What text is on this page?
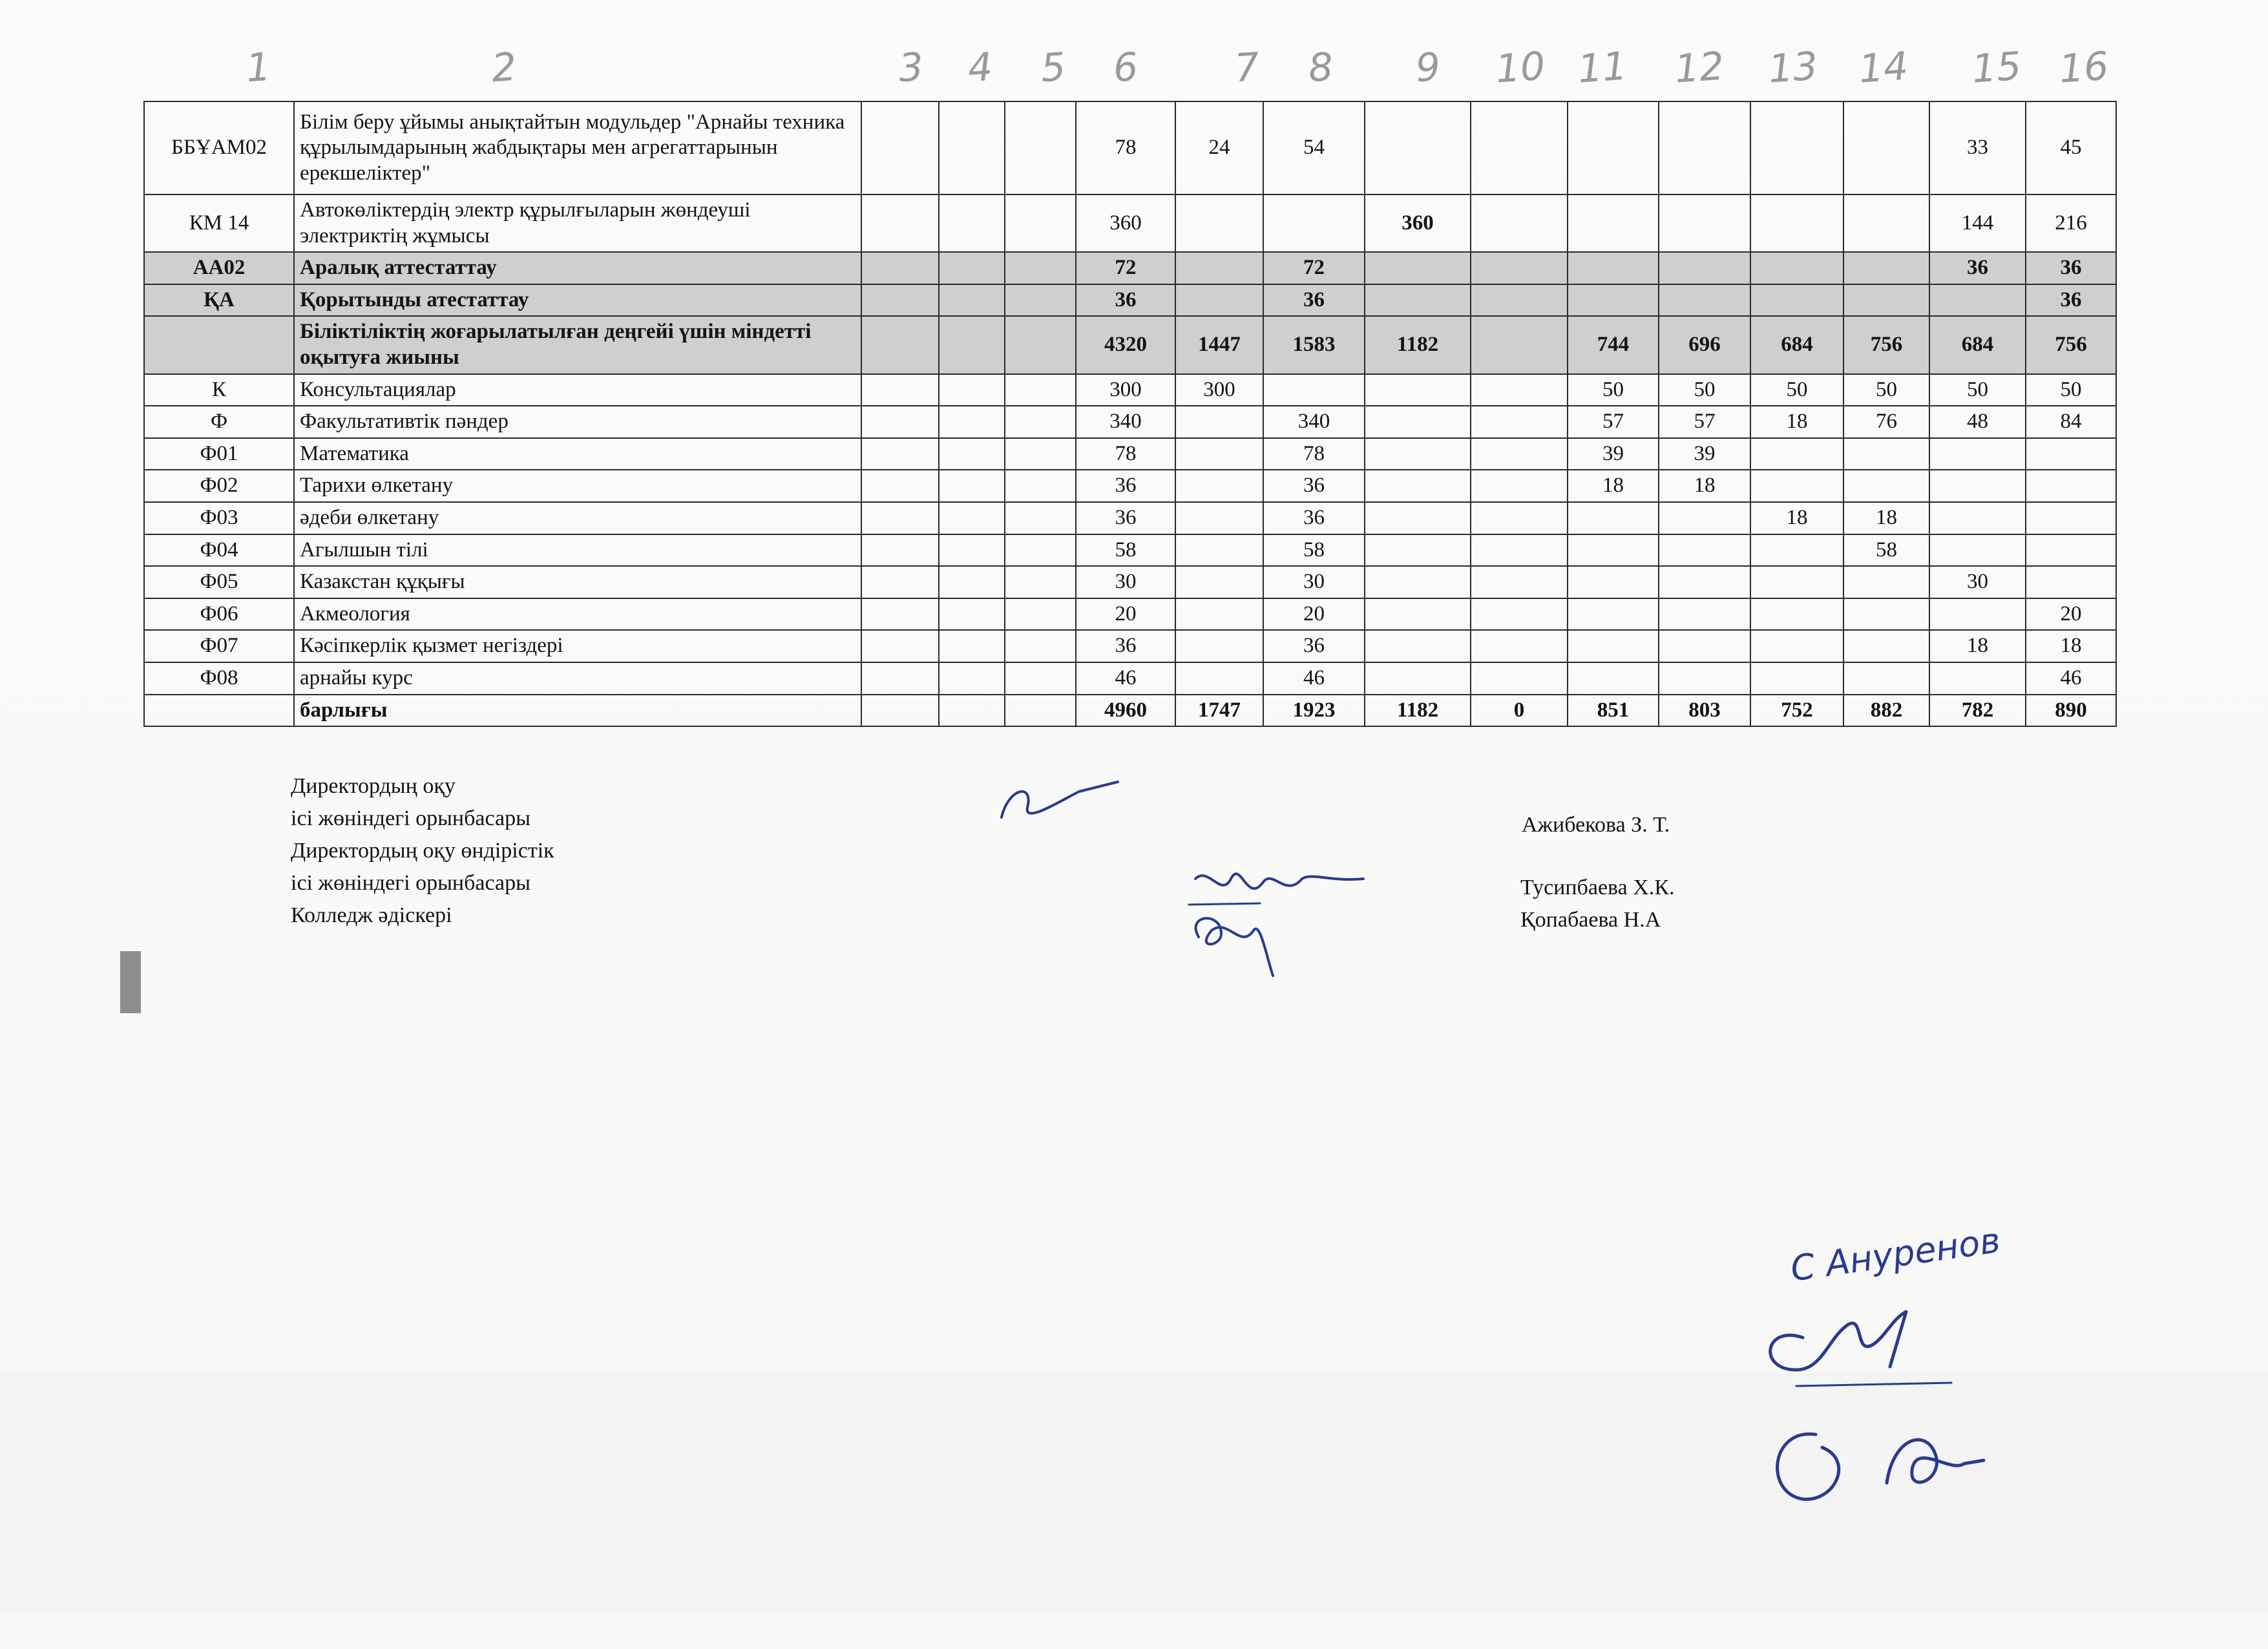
1	2	3 4 5 6 7 8 9 10 11 12 13 14 15 16
ББҰАМ02	Білім беру ұйымы анықтайтын модульдер "Арнайы техника құрылымдарының жабдықтары мен агрегаттарынын ерекшеліктер"				78	24	54							33	45
КМ 14	Автокөліктердің электр құрылғыларын жөндеуші электриктің жұмысы				360			360						144	216
АА02	Аралық аттестаттау				72		72							36	36
ҚА	Қорытынды атестаттау				36		36								36
	Біліктіліктің жоғарылатылған деңгейі үшін міндетті оқытуға жиыны				4320	1447	1583	1182		744	696	684	756	684	756
К	Консультациялар				300	300				50	50	50	50	50	50
Ф	Факультативтік пәндер				340		340			57	57	18	76	48	84
Ф01	Математика				78		78			39	39				
Ф02	Тарихи өлкетану				36		36			18	18				
Ф03	әдеби өлкетану				36		36					18	18		
Ф04	Агылшын тілі				58		58						58		
Ф05	Казакстан құқығы				30		30							30	
Ф06	Акмеология				20		20								20
Ф07	Кәсіпкерлік қызмет негіздері				36		36							18	18
Ф08	арнайы курс				46		46								46
	барлығы				4960	1747	1923	1182	0	851	803	752	882	782	890
Директордың оқу
ісі жөніндегі орынбасары
Директордың оқу өндірістік
ісі жөніндегі орынбасары
Колледж әдіскері
Ажибекова З. Т.
Тусипбаева Х.К.
Қопабаева Н.А
С Ануренов
